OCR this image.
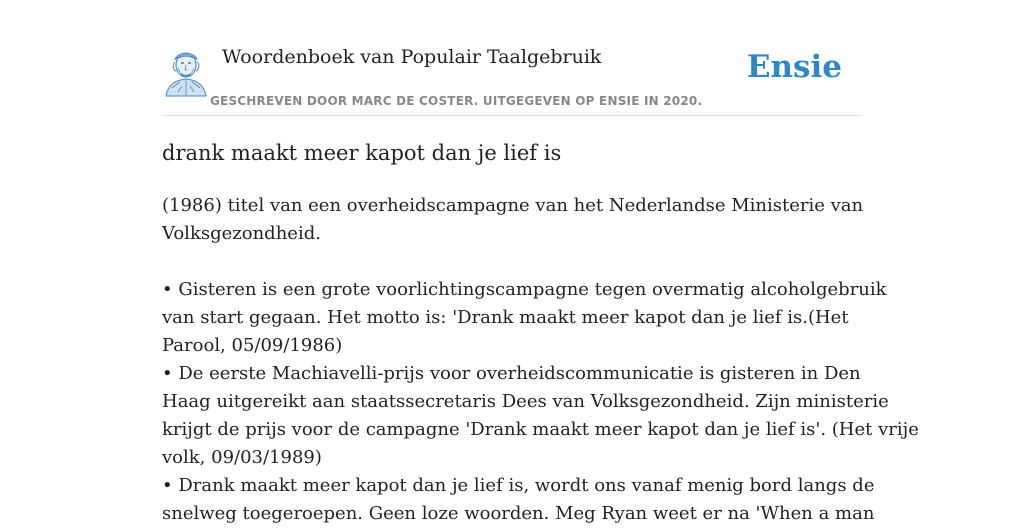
Woordenboek van Populair Taalgebruik
GESCHREVEN DOOR MARC DE COSTER. UITGEGEVEN OP ENSIE IN 2020.
Ensie
drank maakt meer kapot dan je lief is

(1986) titel van een overheidscampagne van het Nederlandse Ministerie van

Volksgezondheid.

• Gisteren is een grote voorlichtingscampagne tegen overmatig alcoholgebruik

van start gegaan. Het motto is: 'Drank maakt meer kapot dan je lief is.(Het

Parool, 05/09/1986)

• De eerste Machiavelli-prijs voor overheidscommunicatie is gisteren in Den

Haag uitgereikt aan staatssecretaris Dees van Volksgezondheid. Zijn ministerie

krijgt de prijs voor de campagne 'Drank maakt meer kapot dan je lief is'. (Het vrije

volk, 09/03/1989)

• Drank maakt meer kapot dan je lief is, wordt ons vanaf menig bord langs de

snelweg toegeroepen. Geen loze woorden. Meg Ryan weet er na 'When a man
